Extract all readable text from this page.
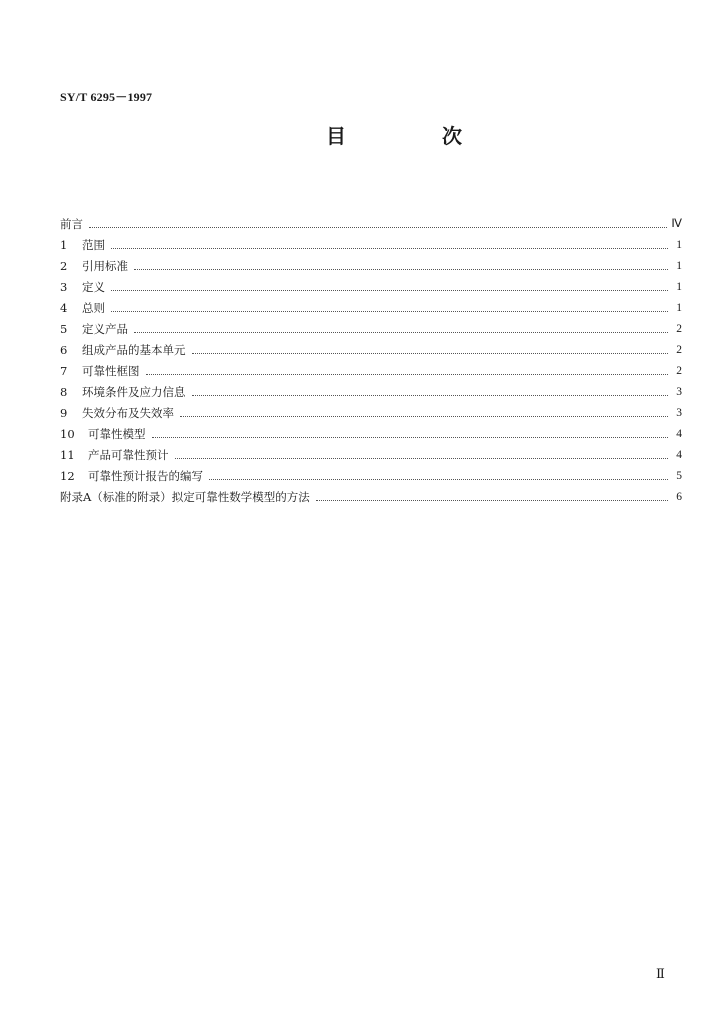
SY/T 6295－1997
目　次
前言	Ⅳ
1	范围	1
2	引用标准	1
3	定义	1
4	总则	1
5	定义产品	2
6	组成产品的基本单元	2
7	可靠性框图	2
8	环境条件及应力信息	3
9	失效分布及失效率	3
10	可靠性模型	4
11	产品可靠性预计	4
12	可靠性预计报告的编写	5
附录A（标准的附录）拟定可靠性数学模型的方法	6
Ⅱ
